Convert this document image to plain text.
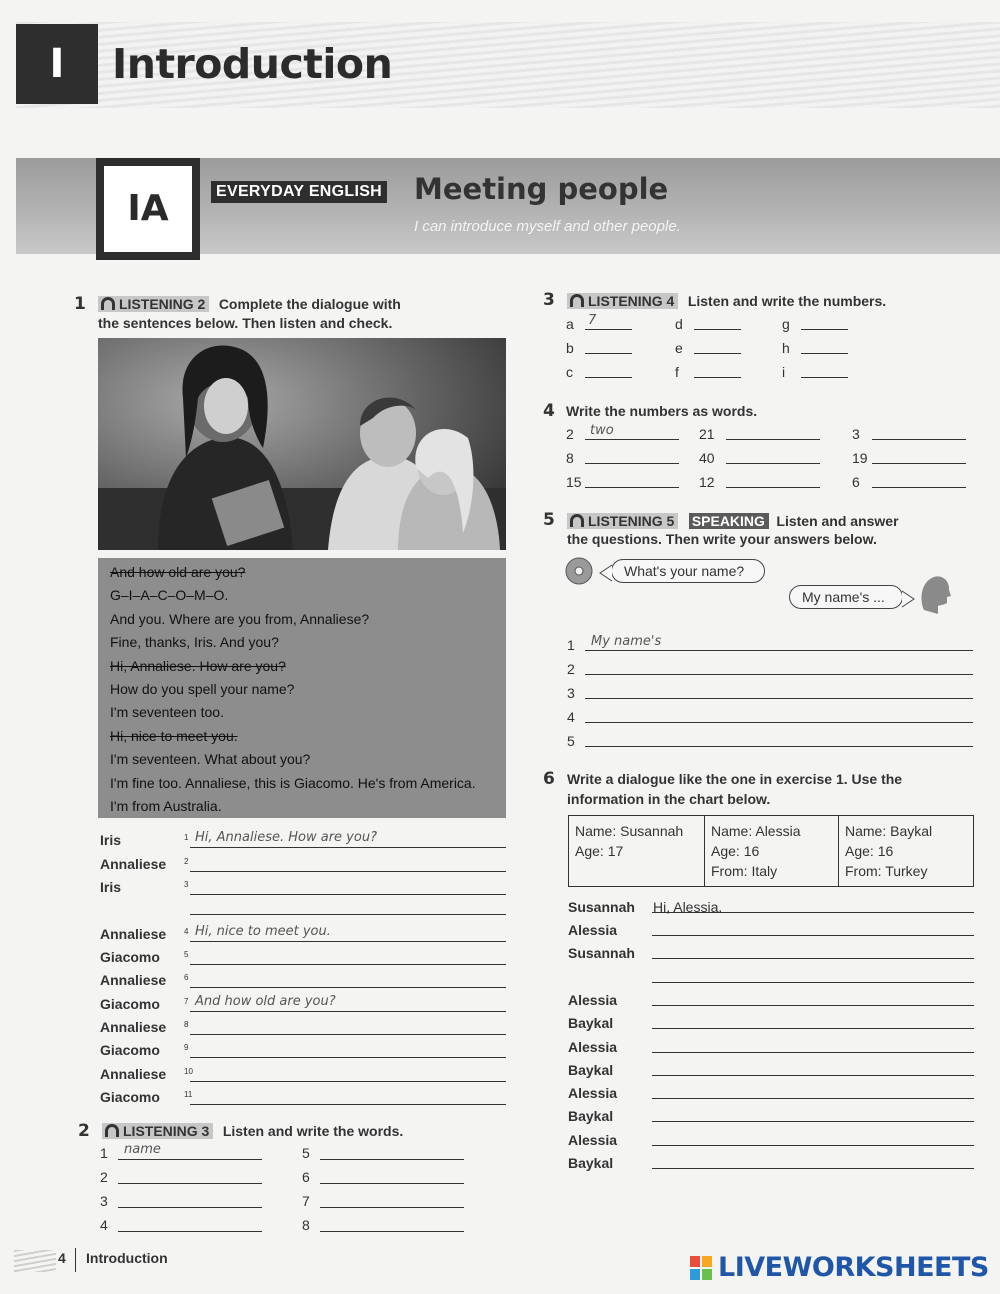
I	Introduction
IA	EVERYDAY ENGLISH Meeting people
I can introduce myself and other people.
1	LISTENING 2 Complete the dialogue with
the sentences below. Then listen and check.
And how old are you?
G–I–A–C–O–M–O.
And you. Where are you from, Annaliese?
Fine, thanks, Iris. And you?
Hi, Annaliese. How are you?
How do you spell your name?
I'm seventeen too.
Hi, nice to meet you.
I'm seventeen. What about you?
I'm fine too. Annaliese, this is Giacomo. He's from America.
I'm from Australia.
Iris	1 Hi, Annaliese. How are you?
Annaliese 2
Iris	3
Annaliese 4 Hi, nice to meet you.
Giacomo	5
Annaliese 6
Giacomo	7 And how old are you?
Annaliese 8
Giacomo	9
Annaliese 10
Giacomo	11
2	LISTENING 3 Listen and write the words.
1 name
2
3
4
5
6
7
8
3	LISTENING 4 Listen and write the numbers.
a 7
b
c
d
e
f
g
h
i
4 Write the numbers as words.
2 two
8
15
21
40
12
3
19
6
5	LISTENING 5 SPEAKING Listen and answer
the questions. Then write your answers below.
What's your name?
My name's ...
1 My name's
2
3
4
5
6 Write a dialogue like the one in exercise 1. Use the
information in the chart below.
Name: Susannah
Age: 17

Name: Alessia
Age: 16
From: Italy

Name: Baykal
Age: 16
From: Turkey
Susannah Hi, Alessia.
Alessia
Susannah
Alessia
Baykal
Alessia
Baykal
Alessia
Baykal
Alessia
Baykal
4 Introduction	LIVEWORKSHEETS
